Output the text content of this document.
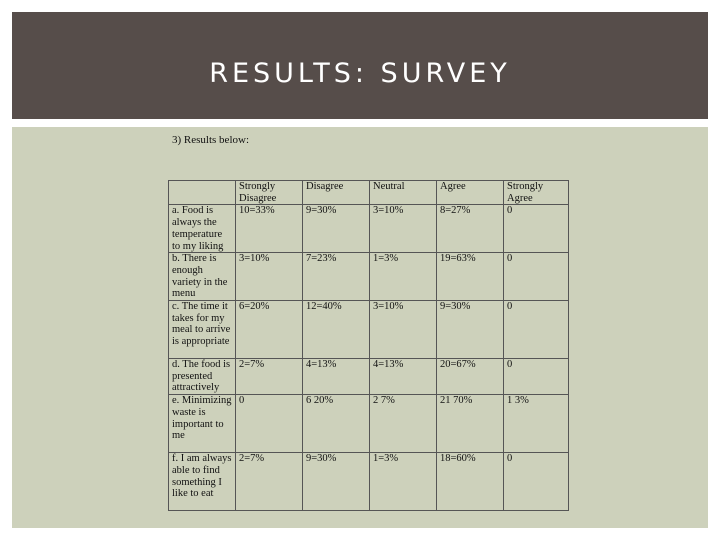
RESULTS: SURVEY
3) Results below:
	Strongly Disagree	Disagree	Neutral	Agree	Strongly Agree
a. Food is always the temperature to my liking	10=33%	9=30%	3=10%	8=27%	0
b. There is enough variety in the menu	3=10%	7=23%	1=3%	19=63%	0
c. The time it takes for my meal to arrive is appropriate	6=20%	12=40%	3=10%	9=30%	0
d. The food is presented attractively	2=7%	4=13%	4=13%	20=67%	0
e. Minimizing waste is important to me	0	6 20%	2 7%	21 70%	1 3%
f. I am always able to find something I like to eat	2=7%	9=30%	1=3%	18=60%	0
